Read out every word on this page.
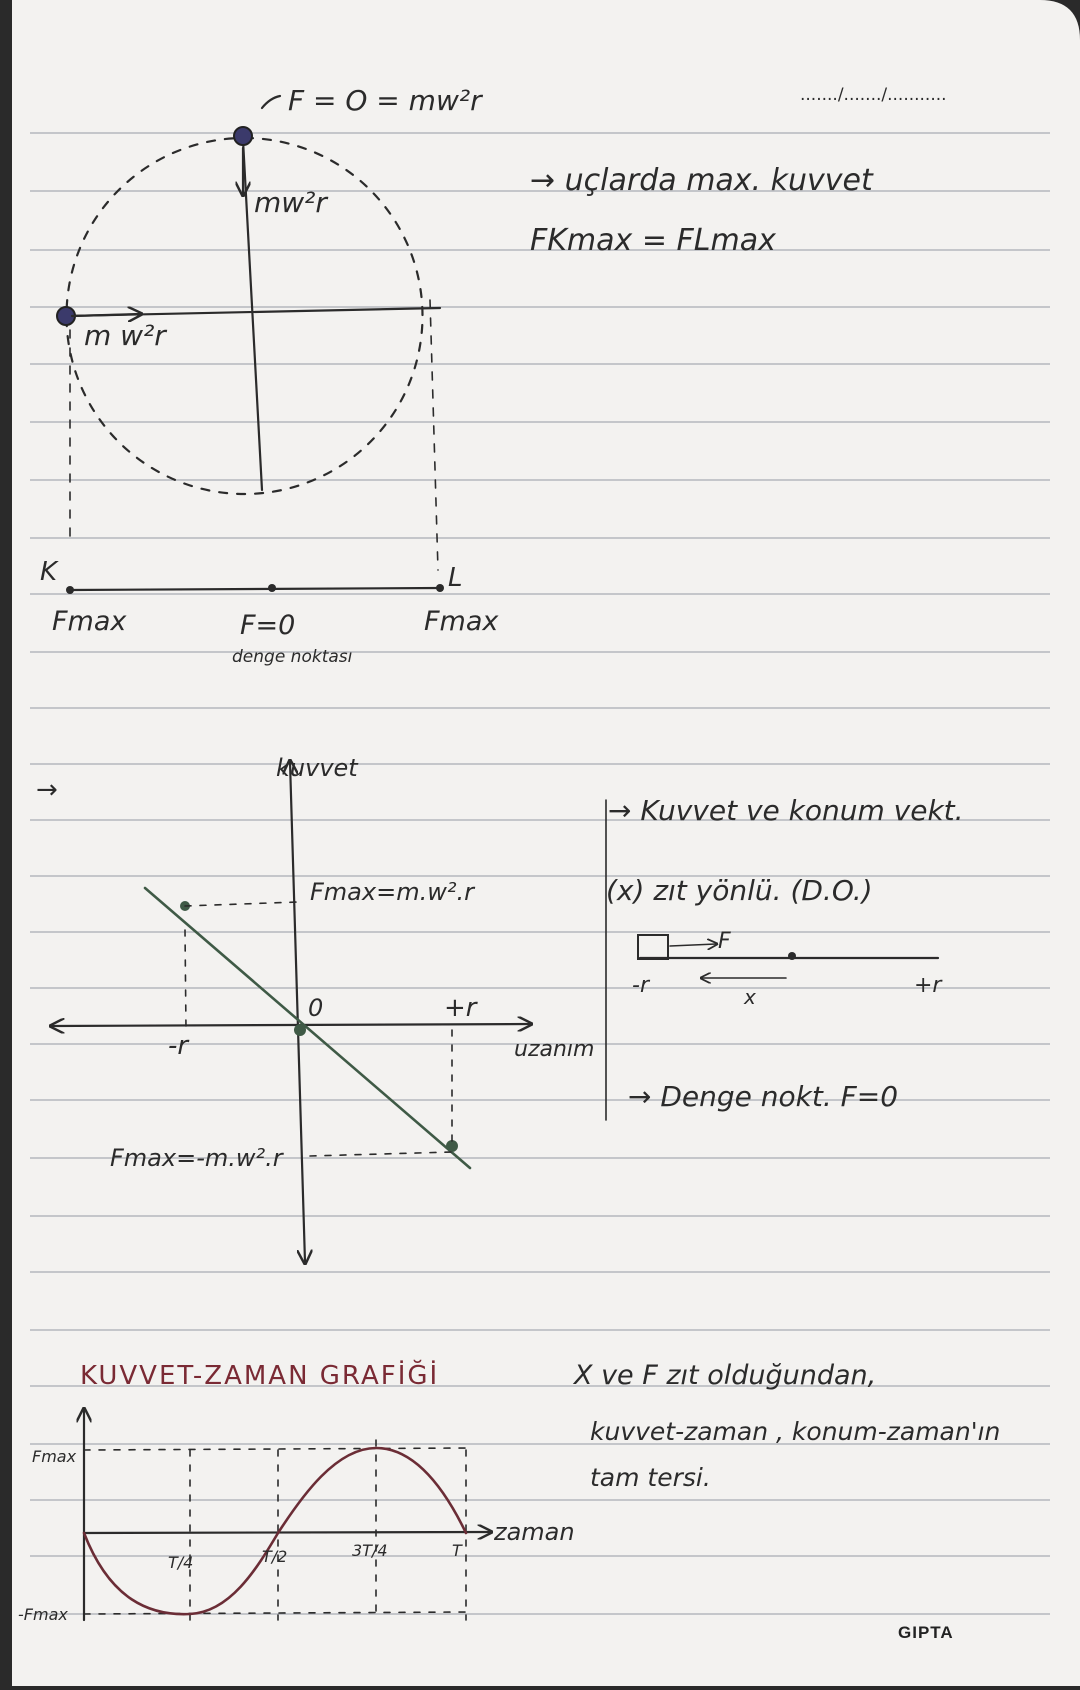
......./......./...........
F = O = mw²r
mw²r
m w²r
K	L
Fmax	F=0
denge noktası
Fmax
→ uçlarda max. kuvvet
FKmax = FLmax
→
kuvvet
uzanım
0	+r
-r
Fmax=m.w².r
Fmax=-m.w².r
→ Kuvvet ve konum vekt.
(x) zıt yönlü. (D.O.)
F
-r	x	+r
→ Denge nokt. F=0
KUVVET-ZAMAN GRAFİĞİ
Fmax
-Fmax
zaman
T/4	T/2	3T/4	T
X ve F zıt olduğundan,
kuvvet-zaman , konum-zaman'ın
tam tersi.
GIPTA
